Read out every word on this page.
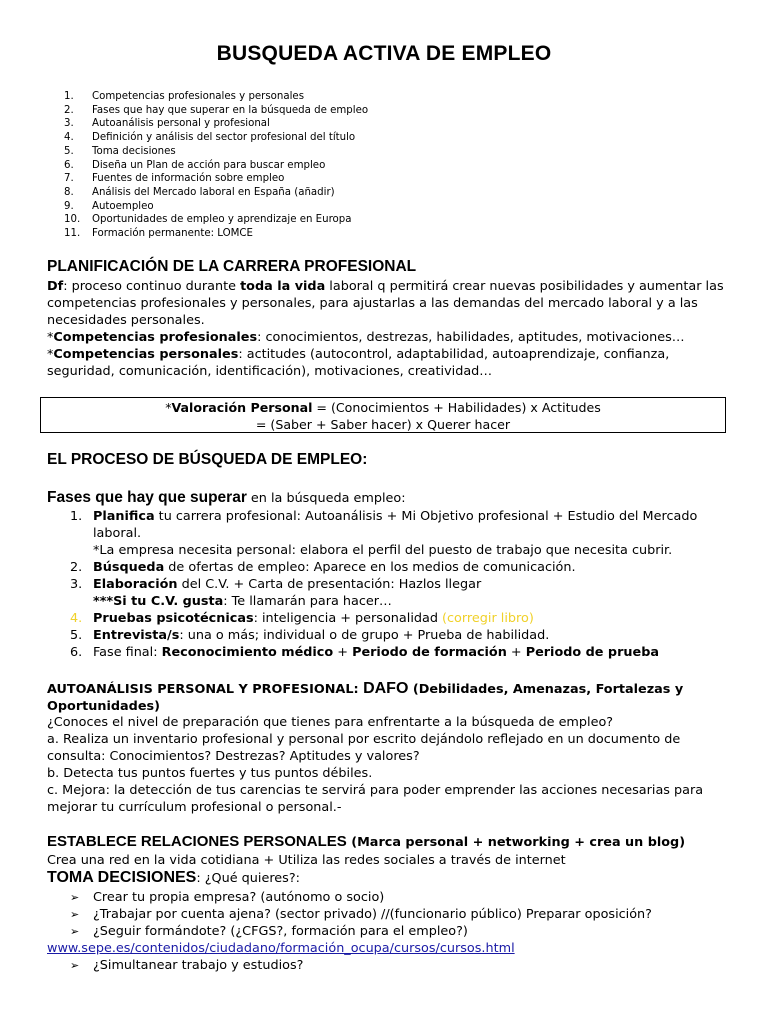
BUSQUEDA ACTIVA DE EMPLEO
1.	Competencias profesionales y personales
2.	Fases que hay que superar en la búsqueda de empleo
3.	Autoanálisis personal y profesional
4.	Definición y análisis del sector profesional del título
5.	Toma decisiones
6.	Diseña un Plan de acción para buscar empleo
7.	Fuentes de información sobre empleo
8.	Análisis del Mercado laboral en España (añadir)
9.	Autoempleo
10.	Oportunidades de empleo y aprendizaje en Europa
11.	Formación permanente: LOMCE
PLANIFICACIÓN DE LA CARRERA PROFESIONAL

Df: proceso continuo durante toda la vida laboral q permitirá crear nuevas posibilidades y aumentar las competencias profesionales y personales, para ajustarlas a las demandas del mercado laboral y a las necesidades personales.

*Competencias profesionales: conocimientos, destrezas, habilidades, aptitudes, motivaciones…

*Competencias personales: actitudes (autocontrol, adaptabilidad, autoaprendizaje, confianza, seguridad, comunicación, identificación), motivaciones, creatividad…

*Valoración Personal = (Conocimientos + Habilidades) x Actitudes
= (Saber + Saber hacer) x Querer hacer
EL PROCESO DE BÚSQUEDA DE EMPLEO:
Fases que hay que superar en la búsqueda empleo:
1. Planifica tu carrera profesional: Autoanálisis + Mi Objetivo profesional + Estudio del Mercado laboral.
*La empresa necesita personal: elabora el perfil del puesto de trabajo que necesita cubrir.
2. Búsqueda de ofertas de empleo: Aparece en los medios de comunicación.
3. Elaboración del C.V. + Carta de presentación: Hazlos llegar
***Si tu C.V. gusta : Te llamarán para hacer…
4. Pruebas psicotécnicas: inteligencia + personalidad (corregir libro)
5. Entrevista/s: una o más; individual o de grupo + Prueba de habilidad.
6. Fase final: Reconocimiento médico + Periodo de formación + Periodo de prueba

AUTOANÁLISIS PERSONAL Y PROFESIONAL: DAFO (Debilidades, Amenazas, Fortalezas y Oportunidades)

¿Conoces el nivel de preparación que tienes para enfrentarte a la búsqueda de empleo?

a. Realiza un inventario profesional y personal por escrito dejándolo reflejado en un documento de consulta: Conocimientos? Destrezas? Aptitudes y valores?

b. Detecta tus puntos fuertes y tus puntos débiles.

c. Mejora: la detección de tus carencias te servirá para poder emprender las acciones necesarias para mejorar tu currículum profesional o personal.-

ESTABLECE RELACIONES PERSONALES (Marca personal + networking + crea un blog)

Crea una red en la vida cotidiana + Utiliza las redes sociales a través de internet

TOMA DECISIONES: ¿Qué quieres?:

➢	Crear tu propia empresa? (autónomo o socio)
➢	¿Trabajar por cuenta ajena? (sector privado) //(funcionario público) Preparar oposición?
➢	¿Seguir formándote? (¿CFGS?, formación para el empleo?)
www.sepe.es/contenidos/ciudadano/formación_ocupa/cursos/cursos.html
➢	¿Simultanear trabajo y estudios?
